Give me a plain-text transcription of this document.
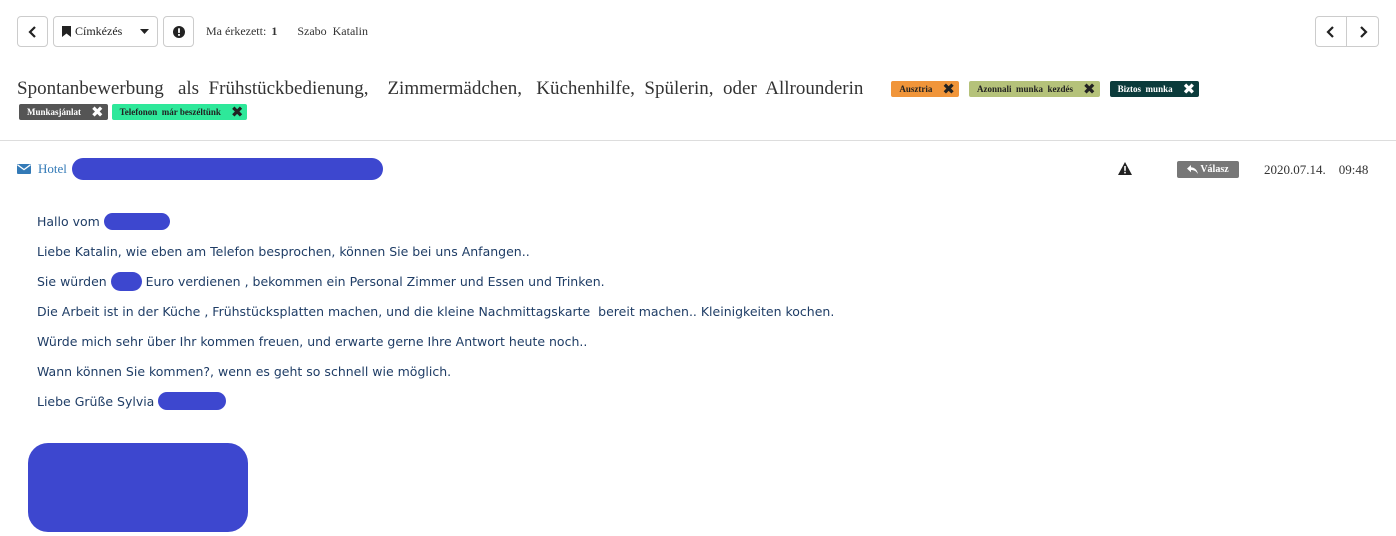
Címkézés	Ma érkezett: 1 Szabo  Katalin
Spontanbewerbung   als  Frühstückbedienung,    Zimmermädchen,   Küchenhilfe,  Spülerin,  oder  Allrounderin	Ausztria ✖
Azonnali  munka  kezdés ✖
Biztos  munka ✖
Munkasjánlat ✖ Telefonon  már beszéltünk ✖
Hotel	Válasz	2020.07.14.    09:48
Hallo vom
Liebe Katalin, wie eben am Telefon besprochen, können Sie bei uns Anfangen..
Sie würden Euro verdienen , bekommen ein Personal Zimmer und Essen und Trinken.
Die Arbeit ist in der Küche , Frühstücksplatten machen, und die kleine Nachmittagskarte  bereit machen.. Kleinigkeiten kochen.
Würde mich sehr über Ihr kommen freuen, und erwarte gerne Ihre Antwort heute noch..
Wann können Sie kommen?, wenn es geht so schnell wie möglich.
Liebe Grüße Sylvia
